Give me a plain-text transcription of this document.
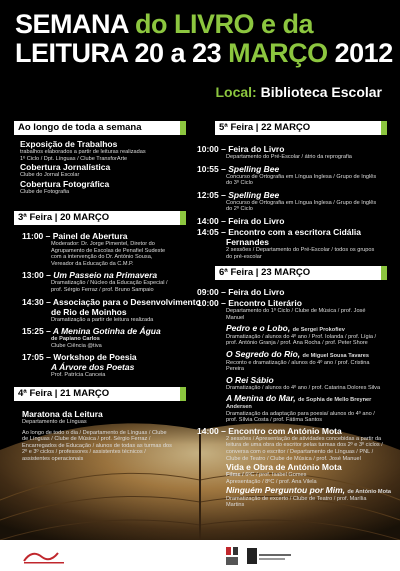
SEMANA do LIVRO e da
LEITURA 20 a 23 MARÇO 2012
Local: Biblioteca Escolar
Ao longo de toda a semana
Exposição de Trabalhos
trabalhos elaborados a partir de leituras realizadas
1º Ciclo / Dpt. Línguas / Clube TransforArte
Cobertura Jornalística
Clube do Jornal Escolar
Cobertura Fotográfica
Clube de Fotografia
3ª Feira | 20 MARÇO
11:00 – Painel de Abertura
Moderador: Dr. Jorge Pimentel, Diretor do
Agrupamento de Escolas de Penafiel Sudeste
com a intervenção do Dr. António Sousa,
Vereador da Educação da C.M.P.
13:00 – Um Passeio na Primavera
Dramatização / Núcleo da Educação Especial /
prof. Sérgio Ferraz / prof. Bruno Sampaio
14:30 – Associação para o Desenvolvimento
de Rio de Moinhos
Dramatização a partir de leitura realizada
15:25 – A Menina Gotinha de Água
de Papiano Carlos
Clube Ciência @tiva
17:05 – Workshop de Poesia
A Árvore dos Poetas
Prof. Patrícia Canceia
4ª Feira | 21 MARÇO
Maratona da Leitura
Departamento de Línguas
Ao longo de todo o dia / Departamento de Línguas / Clube
de Línguas / Clube de Música / prof. Sérgio Ferraz /
Encarregados de Educação / alunos de todas as turmas dos
2º e 3º ciclos / professores / assistentes técnicos /
assistentes operacionais
5ª Feira | 22 MARÇO
10:00 – Feira do Livro
Departamento do Pré-Escolar / átrio da reprografia
10:55 – Spelling Bee
Concurso de Ortografia em Língua Inglesa / Grupo de Inglês
do 3º Ciclo
12:05 – Spelling Bee
Concurso de Ortografia em Língua Inglesa / Grupo de Inglês
do 2º Ciclo
14:00 – Feira do Livro
14:05 – Encontro com a escritora Cidália
Fernandes
2 sessões / Departamento do Pré-Escolar / todos os grupos
do pré-escolar
6ª Feira | 23 MARÇO
09:00 – Feira do Livro
10:00 – Encontro Literário
Departamento do 1º Ciclo / Clube de Música / prof. José
Manuel
Pedro e o Lobo, de Sergei Prokofiev
Dramatização / alunos do 4º ano / Prof. Iolanda / prof. Lígia /
prof. António Granja / prof. Ana Rocha / prof. Peter Shore
O Segredo do Rio, de Miguel Sousa Tavares
Reconto e dramatização / alunos do 4º ano / prof. Cristina
Pereira
O Rei Sábio
Dramatização / alunos do 4º ano / prof. Catarina Dolores Silva
A Menina do Mar, de Sophia de Mello Breyner
Andersen
Dramatização da adaptação para poesia/ alunos do 4º ano /
prof. Sílvia Costa / prof. Fátima Santos
14:00 – Encontro com António Mota
2 sessões / Apresentação de atividades concebidas a partir da
leitura de uma obra do escritor pelas turmas dos 2º e 3º ciclos /
conversa com o escritor / Departamento de Línguas / PNL /
Clube de Teatro / Clube de Música / prof. José Manuel
Vida e Obra de António Mota
Filme / 6ºC / prof. Isabel Gomes
Apresentação / 8ºC / prof. Ana Vilela
Ninguém Perguntou por Mim, de António Mota
Dramatização de excerto / Clube de Teatro / prof. Marília
Martins
